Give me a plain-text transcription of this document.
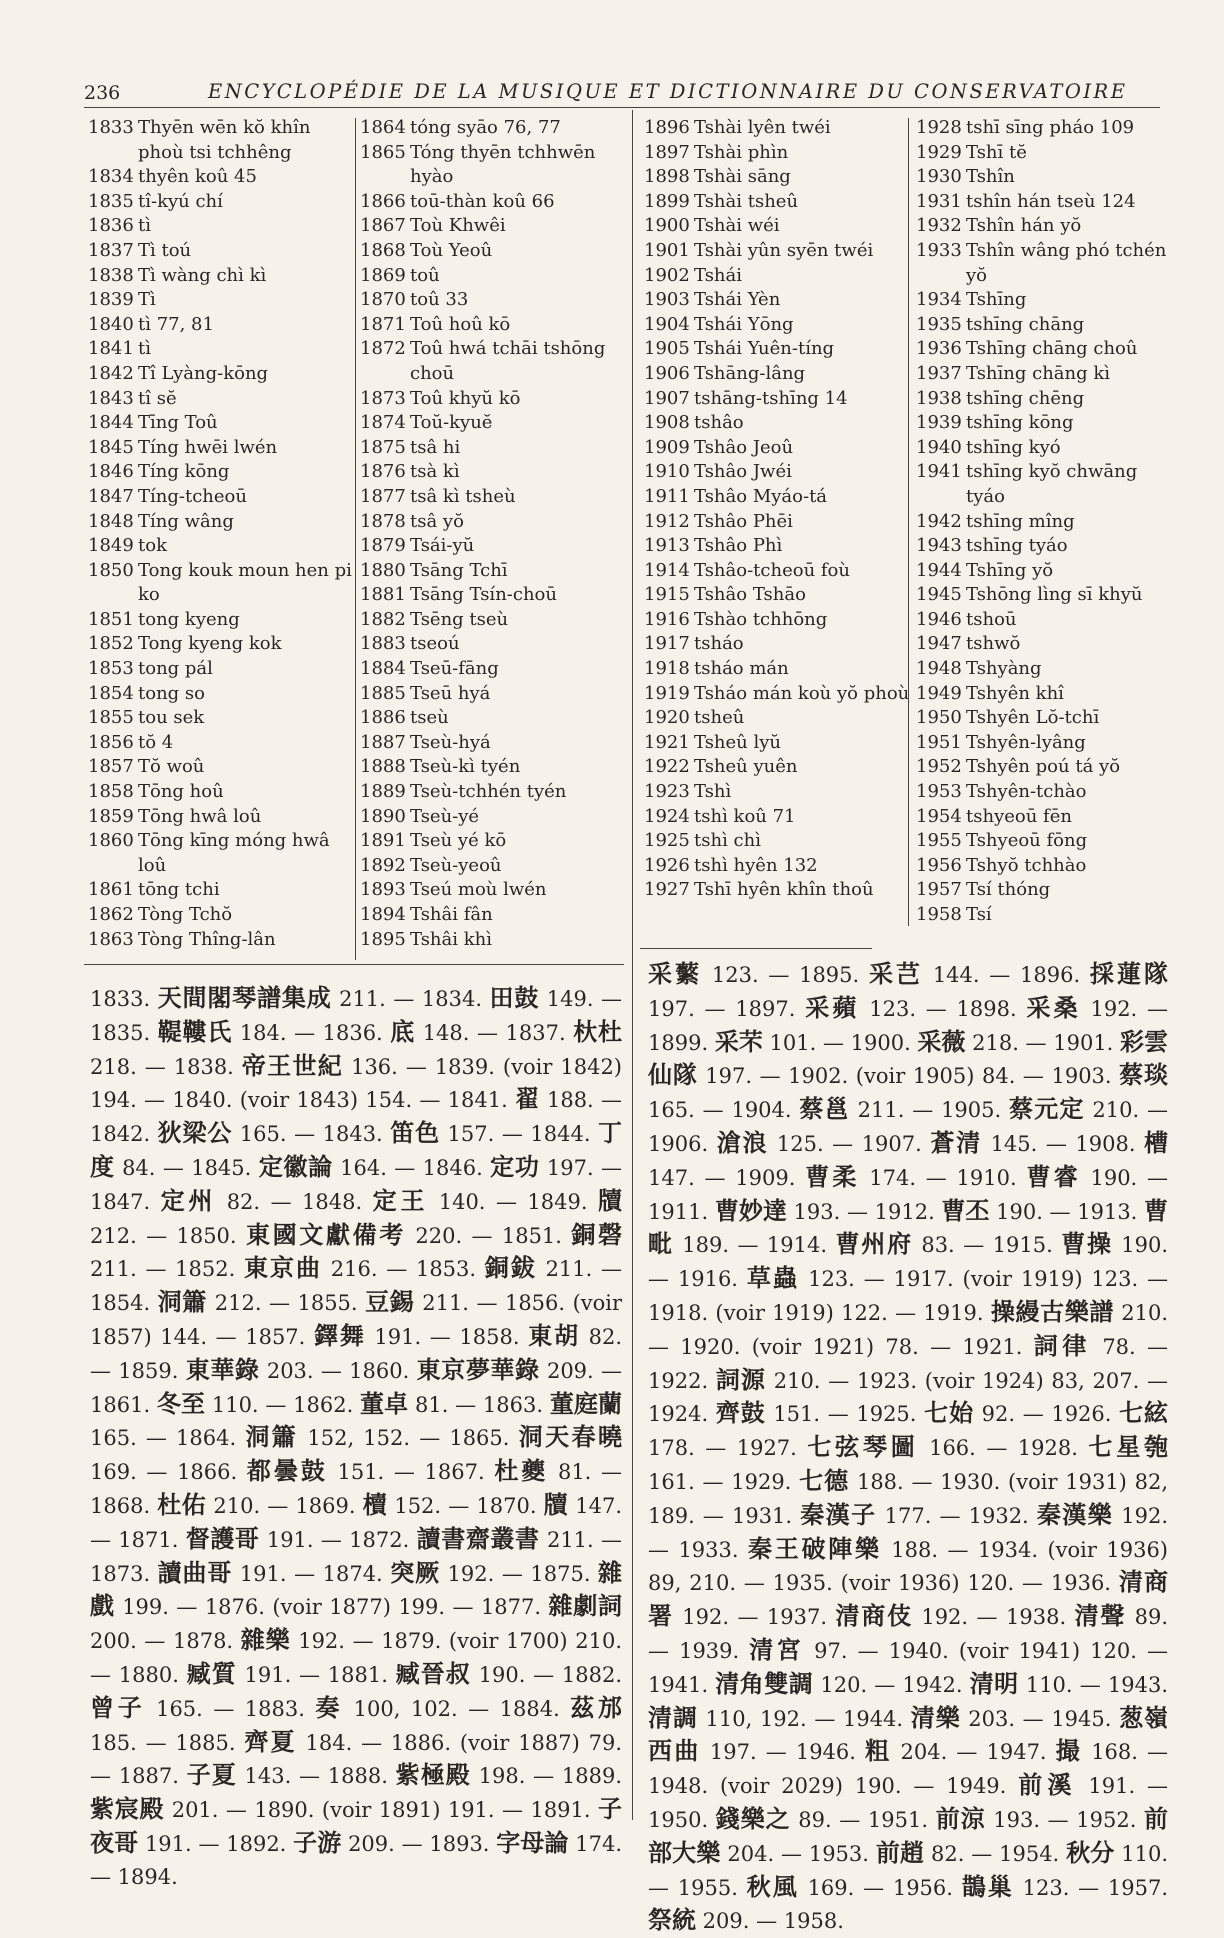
236	ENCYCLOPÉDIE DE LA MUSIQUE ET DICTIONNAIRE DU CONSERVATOIRE
1833 Thyēn wēn kŏ khîn phoù tsi tchhêng
1834 thyên koû 45
1835 tî-kyú chí
1836 tì
1837 Tì toú
1838 Tì wàng chì kì
1839 Tì
1840 tì 77, 81
1841 tì
1842 Tî Lyàng-kōng
1843 tî sĕ
1844 Tīng Toû
1845 Tíng hwēi lwén
1846 Tíng kōng
1847 Tíng-tcheoū
1848 Tíng wâng
1849 tok
1850 Tong kouk moun hen pi ko
1851 tong kyeng
1852 Tong kyeng kok
1853 tong pál
1854 tong so
1855 tou sek
1856 tŏ 4
1857 Tŏ woû
1858 Tōng hoû
1859 Tōng hwâ loû
1860 Tōng kīng móng hwâ loû
1861 tōng tchi
1862 Tòng Tchŏ
1863 Tòng Thîng-lân
1864 tóng syāo 76, 77
1865 Tóng thyēn tchhwēn hyào
1866 toū-thàn koû 66
1867 Toù Khwêi
1868 Toù Yeoû
1869 toû
1870 toû 33
1871 Toû hoû kō
1872 Toû hwá tchāi tshōng choū
1873 Toû khyŭ kō
1874 Toŭ-kyuĕ
1875 tsâ hi
1876 tsà kì
1877 tsâ kì tsheù
1878 tsâ yŏ
1879 Tsái-yŭ
1880 Tsāng Tchī
1881 Tsāng Tsín-choū
1882 Tsēng tseù
1883 tseoú
1884 Tseū-fāng
1885 Tseū hyá
1886 tseù
1887 Tseù-hyá
1888 Tseù-kì tyén
1889 Tseù-tchhén tyén
1890 Tseù-yé
1891 Tseù yé kō
1892 Tseù-yeoû
1893 Tseú moù lwén
1894 Tshâi fân
1895 Tshâi khì
1896 Tshài lyên twéi
1897 Tshài phìn
1898 Tshài sāng
1899 Tshài tsheû
1900 Tshài wéi
1901 Tshài yûn syēn twéi
1902 Tshái
1903 Tshái Yèn
1904 Tshái Yōng
1905 Tshái Yuên-tíng
1906 Tshāng-lâng
1907 tshāng-tshīng 14
1908 tshâo
1909 Tshâo Jeoû
1910 Tshâo Jwéi
1911 Tshâo Myáo-tá
1912 Tshâo Phēi
1913 Tshâo Phì
1914 Tshâo-tcheoū foù
1915 Tshâo Tshāo
1916 Tshào tchhōng
1917 tsháo
1918 tsháo mán
1919 Tsháo mán koù yŏ phoù
1920 tsheû
1921 Tsheû lyŭ
1922 Tsheû yuên
1923 Tshì
1924 tshì koû 71
1925 tshì chì
1926 tshì hyên 132
1927 Tshī hyên khîn thoû
1928 tshī sīng pháo 109
1929 Tshī tĕ
1930 Tshîn
1931 tshîn hán tseù 124
1932 Tshîn hán yŏ
1933 Tshîn wâng phó tchén yŏ
1934 Tshīng
1935 tshīng chāng
1936 Tshīng chāng choû
1937 Tshīng chāng kì
1938 tshīng chēng
1939 tshīng kōng
1940 tshīng kyó
1941 tshīng kyŏ chwāng tyáo
1942 tshīng mîng
1943 tshīng tyáo
1944 Tshīng yŏ
1945 Tshōng lìng sī khyŭ
1946 tshoū
1947 tshwŏ
1948 Tshyàng
1949 Tshyên khî
1950 Tshyên Lŏ-tchī
1951 Tshyên-lyâng
1952 Tshyên poú tá yŏ
1953 Tshyên-tchào
1954 tshyeoū fēn
1955 Tshyeoū fōng
1956 Tshyŏ tchhào
1957 Tsí thóng
1958 Tsí
1833. 天間閣琴譜集成 211. — 1834. 田鼓 149. — 1835. 鞮鞻氏 184. — 1836. 底 148. — 1837. 杕杜 218. — 1838. 帝王世紀 136. — 1839. (voir 1842) 194. — 1840. (voir 1843) 154. — 1841. 翟 188. — 1842. 狄梁公 165. — 1843. 笛色 157. — 1844. 丁度 84. — 1845. 定徽論 164. — 1846. 定功 197. — 1847. 定州 82. — 1848. 定王 140. — 1849. 牘 212. — 1850. 東國文獻備考 220. — 1851. 銅磬 211. — 1852. 東京曲 216. — 1853. 銅鈸 211. — 1854. 洞簫 212. — 1855. 豆錫 211. — 1856. (voir 1857) 144. — 1857. 鐸舞 191. — 1858. 東胡 82. — 1859. 東華錄 203. — 1860. 東京夢華錄 209. — 1861. 冬至 110. — 1862. 董卓 81. — 1863. 董庭蘭 165. — 1864. 洞簫 152, 152. — 1865. 洞天春曉 169. — 1866. 都曇鼓 151. — 1867. 杜夔 81. — 1868. 杜佑 210. — 1869. 櫝 152. — 1870. 牘 147. — 1871. 督護哥 191. — 1872. 讀書齋叢書 211. — 1873. 讀曲哥 191. — 1874. 突厥 192. — 1875. 雜戲 199. — 1876. (voir 1877) 199. — 1877. 雜劇詞 200. — 1878. 雜樂 192. — 1879. (voir 1700) 210. — 1880. 臧質 191. — 1881. 臧晉叔 190. — 1882. 曾子 165. — 1883. 奏 100, 102. — 1884. 茲邡 185. — 1885. 齊夏 184. — 1886. (voir 1887) 79. — 1887. 子夏 143. — 1888. 紫極殿 198. — 1889. 紫宸殿 201. — 1890. (voir 1891) 191. — 1891. 子夜哥 191. — 1892. 子游 209. — 1893. 字母論 174. — 1894.
采蘩 123. — 1895. 采芑 144. — 1896. 採蓮隊 197. — 1897. 采蘋 123. — 1898. 采桑 192. — 1899. 采芣 101. — 1900. 采薇 218. — 1901. 彩雲仙隊 197. — 1902. (voir 1905) 84. — 1903. 蔡琰 165. — 1904. 蔡邕 211. — 1905. 蔡元定 210. — 1906. 滄浪 125. — 1907. 蒼清 145. — 1908. 槽 147. — 1909. 曹柔 174. — 1910. 曹睿 190. — 1911. 曹妙達 193. — 1912. 曹丕 190. — 1913. 曹毗 189. — 1914. 曹州府 83. — 1915. 曹操 190. — 1916. 草蟲 123. — 1917. (voir 1919) 123. — 1918. (voir 1919) 122. — 1919. 操縵古樂譜 210. — 1920. (voir 1921) 78. — 1921. 詞律 78. — 1922. 詞源 210. — 1923. (voir 1924) 83, 207. — 1924. 齊鼓 151. — 1925. 七始 92. — 1926. 七絃 178. — 1927. 七弦琴圖 166. — 1928. 七星匏 161. — 1929. 七德 188. — 1930. (voir 1931) 82, 189. — 1931. 秦漢子 177. — 1932. 秦漢樂 192. — 1933. 秦王破陣樂 188. — 1934. (voir 1936) 89, 210. — 1935. (voir 1936) 120. — 1936. 清商署 192. — 1937. 清商伎 192. — 1938. 清聲 89. — 1939. 清宮 97. — 1940. (voir 1941) 120. — 1941. 清角雙調 120. — 1942. 清明 110. — 1943. 清調 110, 192. — 1944. 清樂 203. — 1945. 葱嶺西曲 197. — 1946. 粗 204. — 1947. 撮 168. — 1948. (voir 2029) 190. — 1949. 前溪 191. — 1950. 錢樂之 89. — 1951. 前涼 193. — 1952. 前部大樂 204. — 1953. 前趙 82. — 1954. 秋分 110. — 1955. 秋風 169. — 1956. 鵲巢 123. — 1957. 祭統 209. — 1958.
